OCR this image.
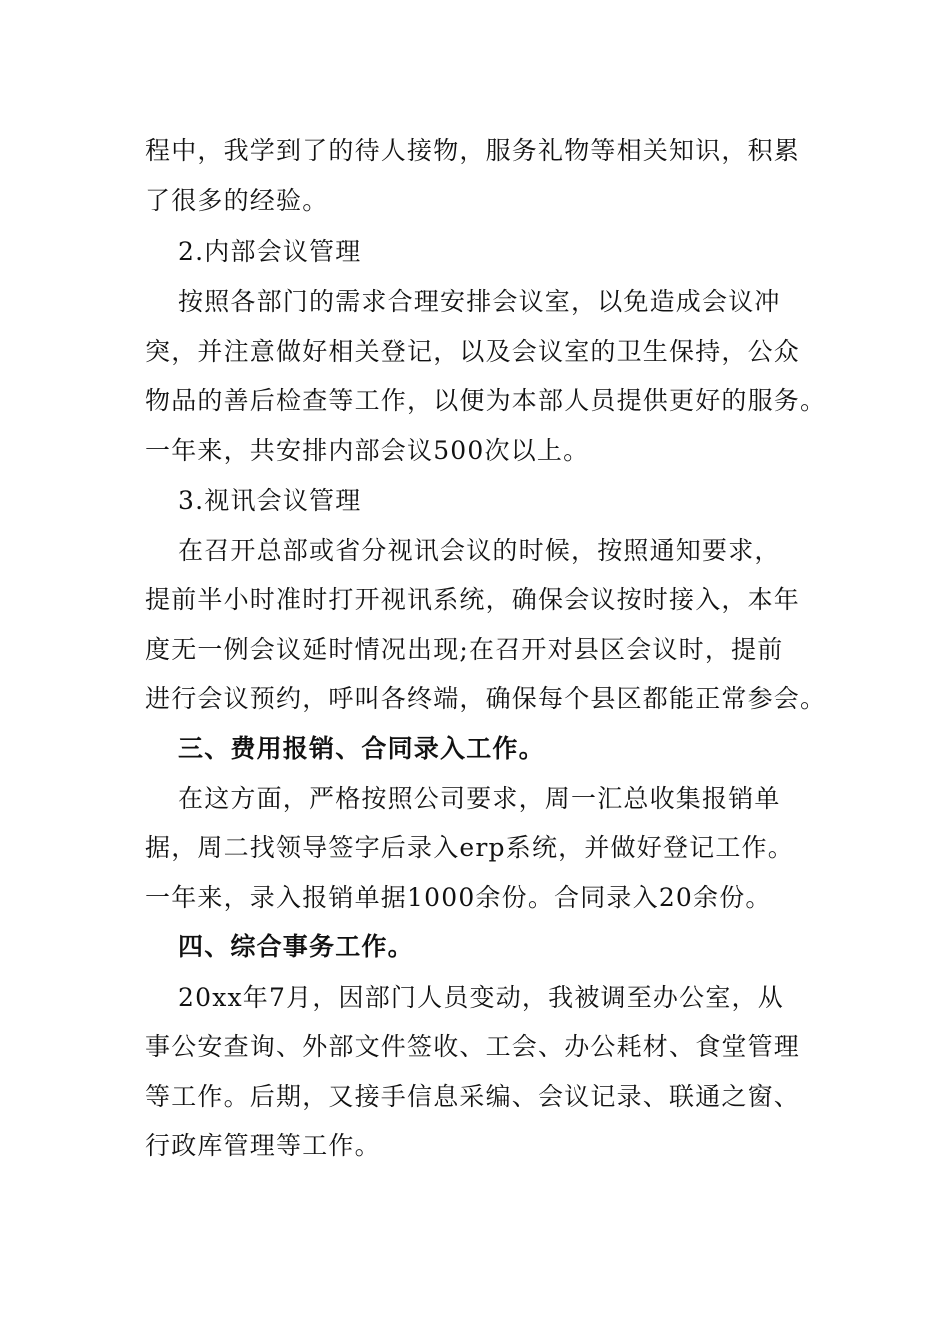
程中，我学到了的待人接物，服务礼物等相关知识，积累
了很多的经验。
2.内部会议管理
按照各部门的需求合理安排会议室，以免造成会议冲
突，并注意做好相关登记，以及会议室的卫生保持，公众
物品的善后检查等工作，以便为本部人员提供更好的服务。
一年来，共安排内部会议500次以上。
3.视讯会议管理
在召开总部或省分视讯会议的时候，按照通知要求，
提前半小时准时打开视讯系统，确保会议按时接入，本年
度无一例会议延时情况出现;在召开对县区会议时，提前
进行会议预约，呼叫各终端，确保每个县区都能正常参会。
三、费用报销、合同录入工作。
在这方面，严格按照公司要求，周一汇总收集报销单
据，周二找领导签字后录入erp系统，并做好登记工作。
一年来，录入报销单据1000余份。合同录入20余份。
四、综合事务工作。
20xx年7月，因部门人员变动，我被调至办公室，从
事公安查询、外部文件签收、工会、办公耗材、食堂管理
等工作。后期，又接手信息采编、会议记录、联通之窗、
行政库管理等工作。
